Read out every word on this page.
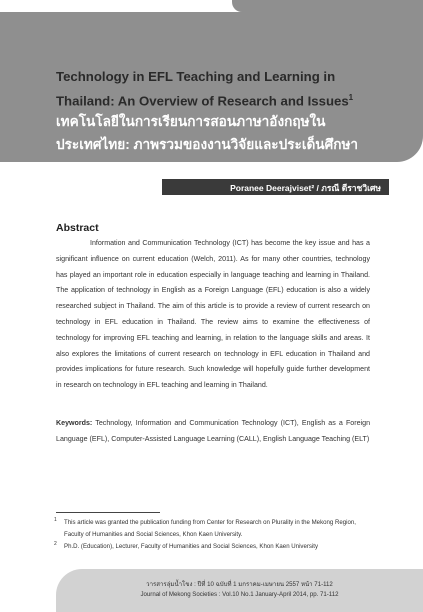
Technology in EFL Teaching and Learning in
Thailand: An Overview of Research and Issues$^1$
เทคโนโลยีในการเรียนการสอนภาษาอังกฤษใน
ประเทศไทย: ภาพรวมของงานวิจัยและประเด็นศึกษา
Poranee Deerajviset² / ภรณี ดีราชวิเศษ
Abstract

Information and Communication Technology (ICT) has become the key issue and has a significant influence on current education (Welch, 2011). As for many other countries, technology has played an important role in education especially in language teaching and learning in Thailand. The application of technology in English as a Foreign Language (EFL) education is also a widely researched subject in Thailand. The aim of this article is to provide a review of current research on technology in EFL education in Thailand. The review aims to examine the effectiveness of technology for improving EFL teaching and learning, in relation to the language skills and areas. It also explores the limitations of current research on technology in EFL education in Thailand and provides implications for future research. Such knowledge will hopefully guide further development in research on technology in EFL teaching and learning in Thailand.

Keywords: Technology, Information and Communication Technology (ICT), English as a Foreign Language (EFL), Computer-Assisted Language Learning (CALL), English Language Teaching (ELT)

1	This article was granted the publication funding from Center for Research on Plurality in the Mekong Region, Faculty of Humanities and Social Sciences, Khon Kaen University.

2	Ph.D. (Education), Lecturer, Faculty of Humanities and Social Sciences, Khon Kaen University

วารสารลุ่มน้ำโขง : ปีที่ 10 ฉบับที่ 1 มกราคม-เมษายน 2557 หน้า 71-112

Journal of Mekong Societies : Vol.10 No.1 January-April 2014, pp. 71-112
